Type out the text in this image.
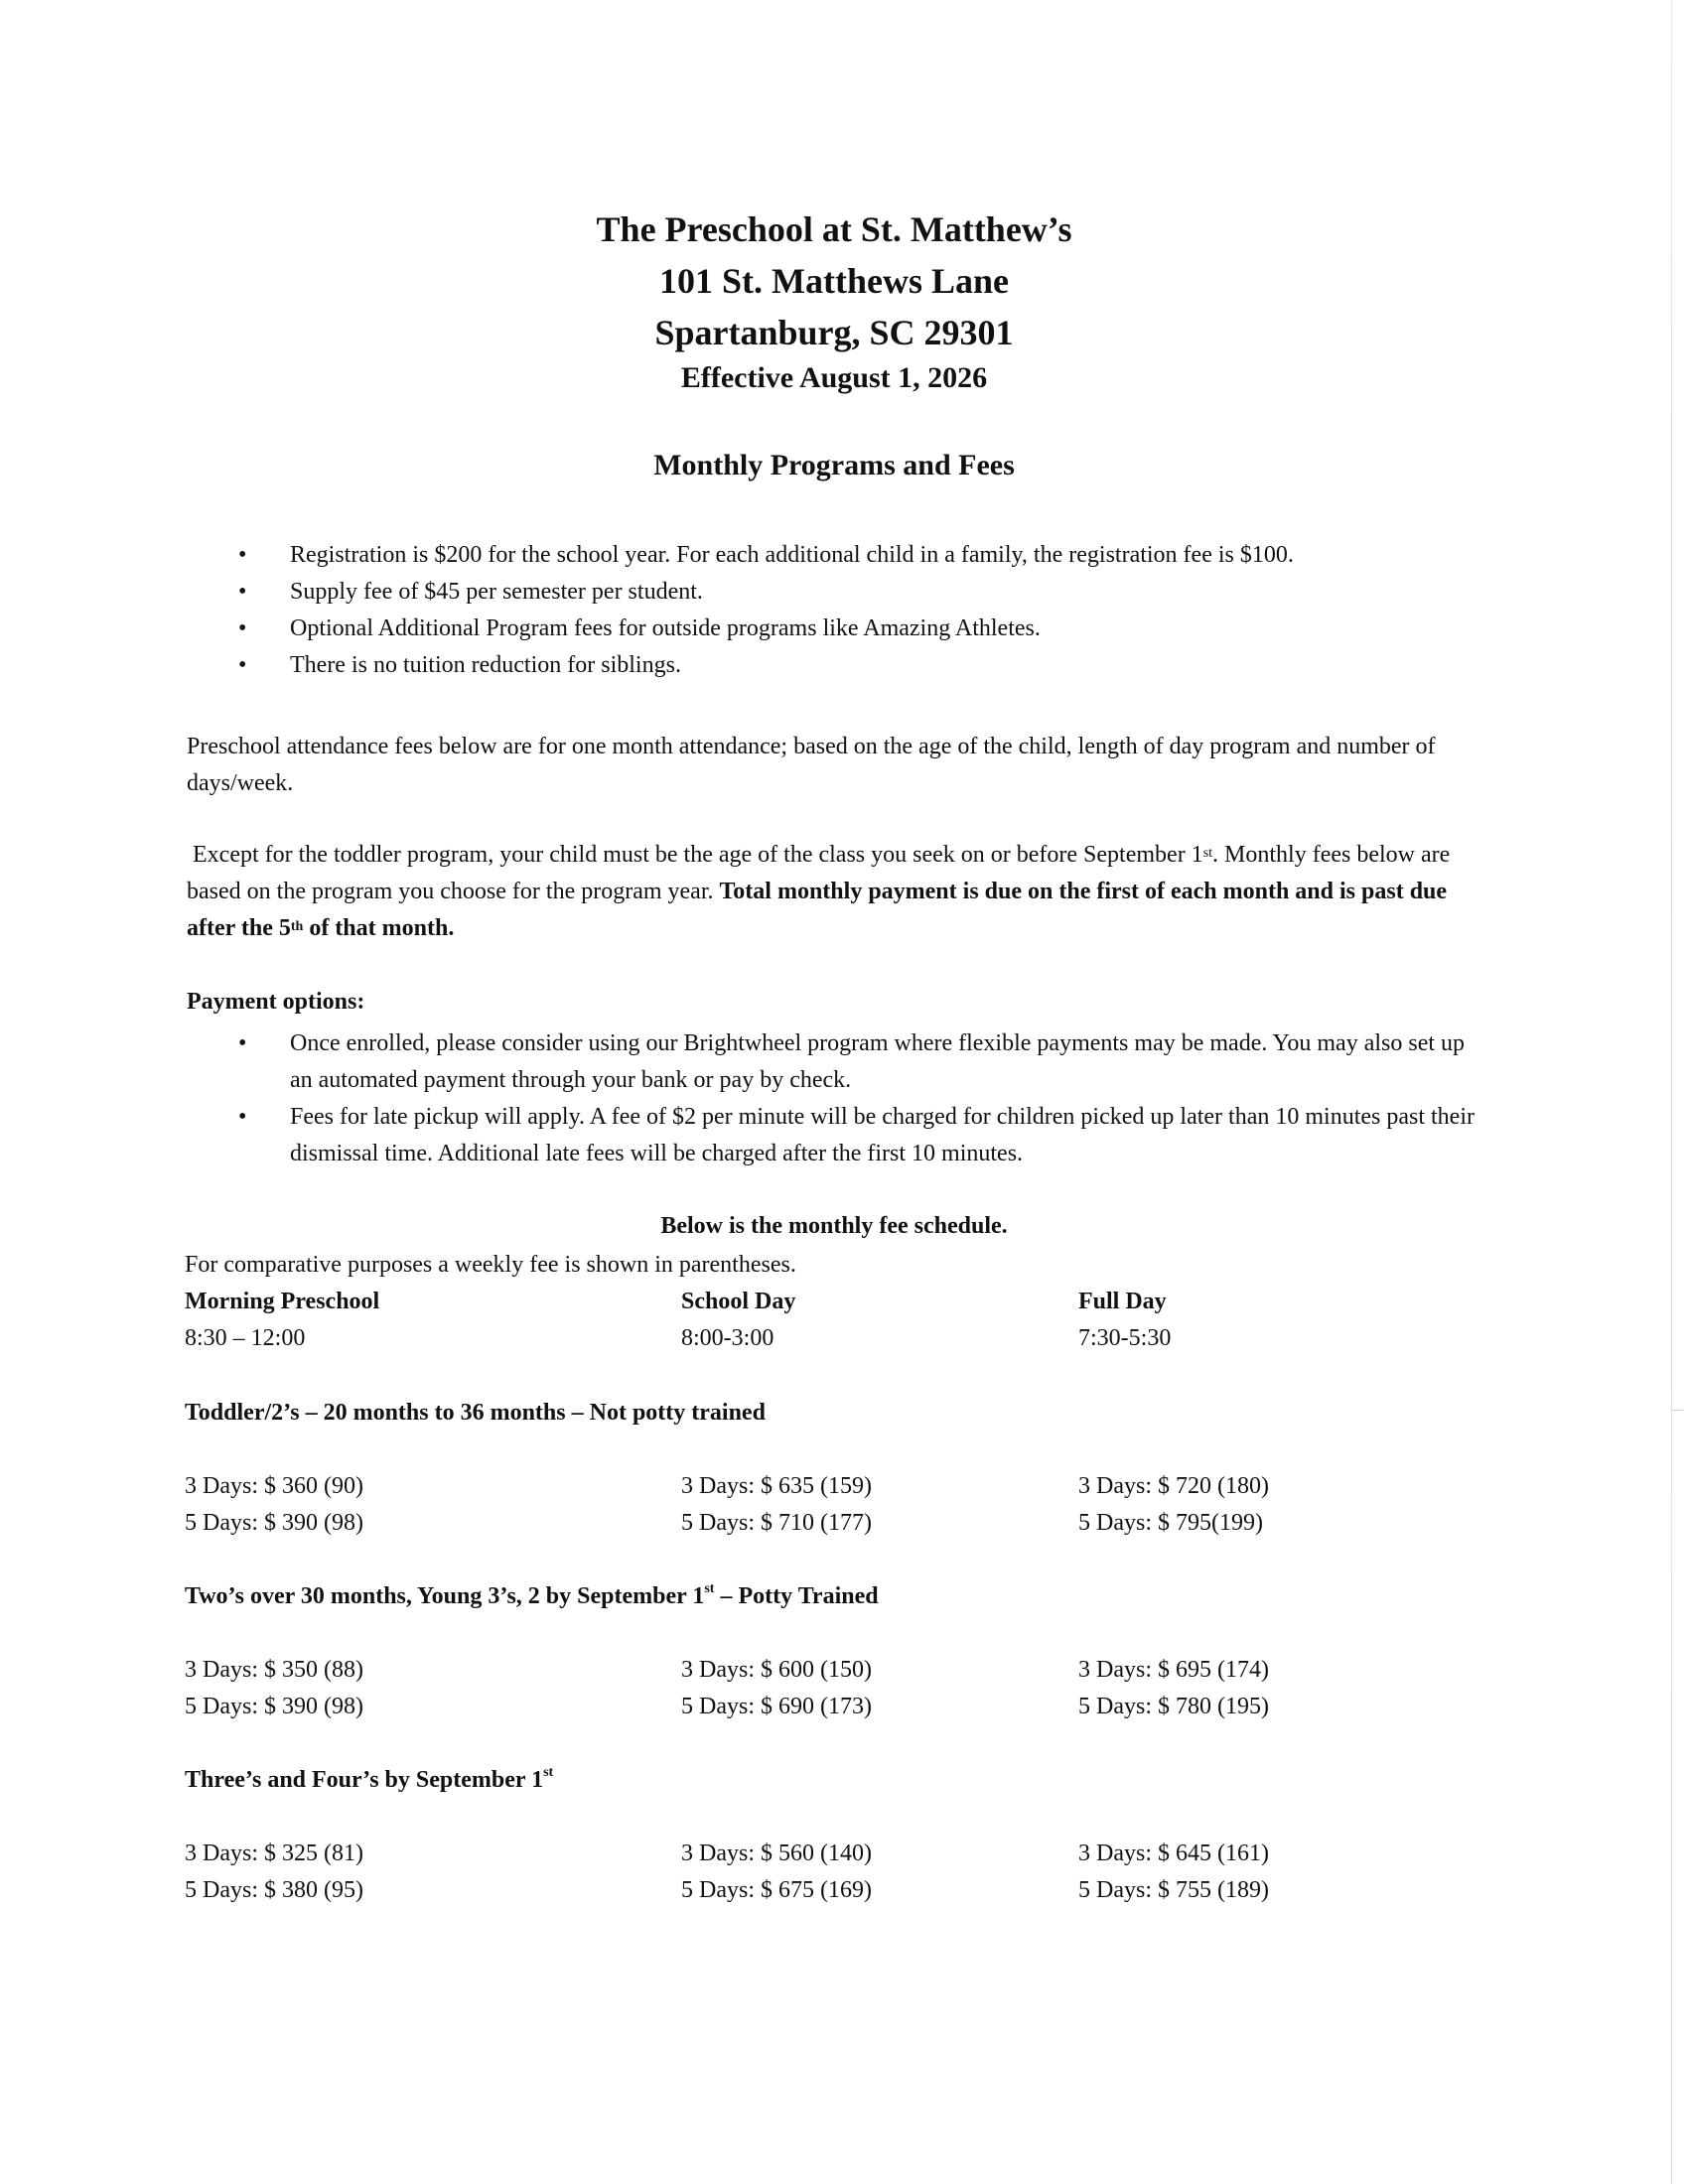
The Preschool at St. Matthew’s
101 St. Matthews Lane
Spartanburg, SC 29301
Effective August 1, 2026
Monthly Programs and Fees
• Registration is $200 for the school year. For each additional child in a family, the registration fee is $100.
• Supply fee of $45 per semester per student.
• Optional Additional Program fees for outside programs like Amazing Athletes.
• There is no tuition reduction for siblings.
Preschool attendance fees below are for one month attendance; based on the age of the child, length of day program and number of days/week.
Except for the toddler program, your child must be the age of the class you seek on or before September 1st. Monthly fees below are based on the program you choose for the program year. Total monthly payment is due on the first of each month and is past due after the 5th of that month.
Payment options:
• Once enrolled, please consider using our Brightwheel program where flexible payments may be made. You may also set up an automated payment through your bank or pay by check.
• Fees for late pickup will apply. A fee of $2 per minute will be charged for children picked up later than 10 minutes past their dismissal time. Additional late fees will be charged after the first 10 minutes.
Below is the monthly fee schedule.
For comparative purposes a weekly fee is shown in parentheses.
Morning Preschool	School Day	Full Day
8:30 – 12:00	8:00-3:00	7:30-5:30
Toddler/2’s – 20 months to 36 months – Not potty trained
3 Days: $ 360 (90)	3 Days: $ 635 (159)	3 Days: $ 720 (180)
5 Days: $ 390 (98)	5 Days: $ 710 (177)	5 Days: $ 795(199)
Two’s over 30 months, Young 3’s, 2 by September 1st – Potty Trained
3 Days: $ 350 (88)	3 Days: $ 600 (150)	3 Days: $ 695 (174)
5 Days: $ 390 (98)	5 Days: $ 690 (173)	5 Days: $ 780 (195)
Three’s and Four’s by September 1st
3 Days: $ 325 (81)	3 Days: $ 560 (140)	3 Days: $ 645 (161)
5 Days: $ 380 (95)	5 Days: $ 675 (169)	5 Days: $ 755 (189)
